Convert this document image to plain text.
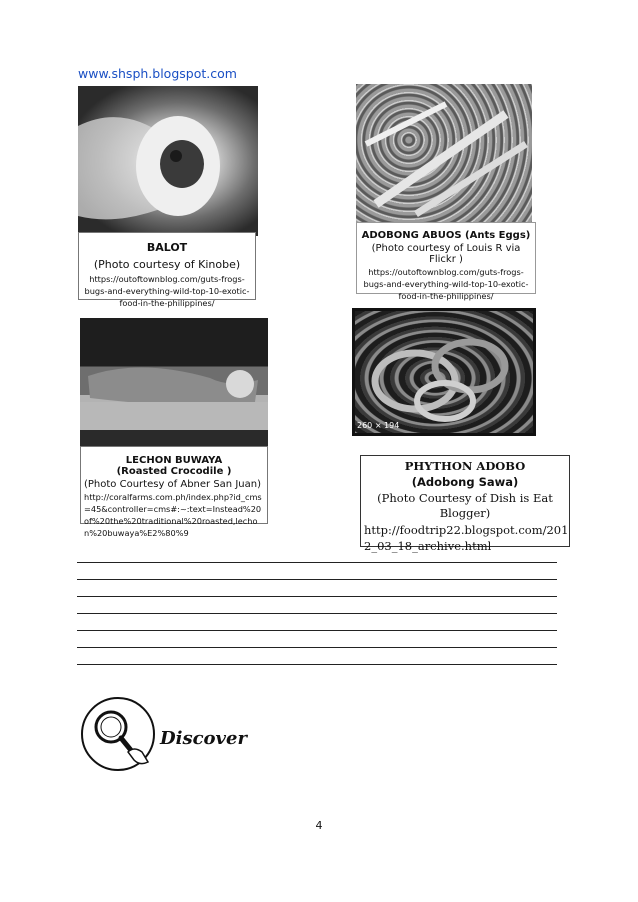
www.shsph.blogspot.com
BALOT
(Photo courtesy of Kinobe)
https://outoftownblog.com/guts-frogs-bugs-and-everything-wild-top-10-exotic-food-in-the-philippines/
ADOBONG ABUOS (Ants Eggs)
(Photo courtesy of Louis R via Flickr )
https://outoftownblog.com/guts-frogs-bugs-and-everything-wild-top-10-exotic-food-in-the-philippines/
LECHON BUWAYA
(Roasted Crocodile )
(Photo Courtesy of Abner San Juan)
http://coralfarms.com.ph/index.php?id_cms=45&controller=cms#:~:text=Instead%20of%20the%20traditional%20roasted,lechon%20buwaya%E2%80%9
260 × 194
PHYTHON ADOBO
(Adobong Sawa)
(Photo Courtesy of Dish is Eat Blogger)
http://foodtrip22.blogspot.com/2012_03_18_archive.html
Discover
4
